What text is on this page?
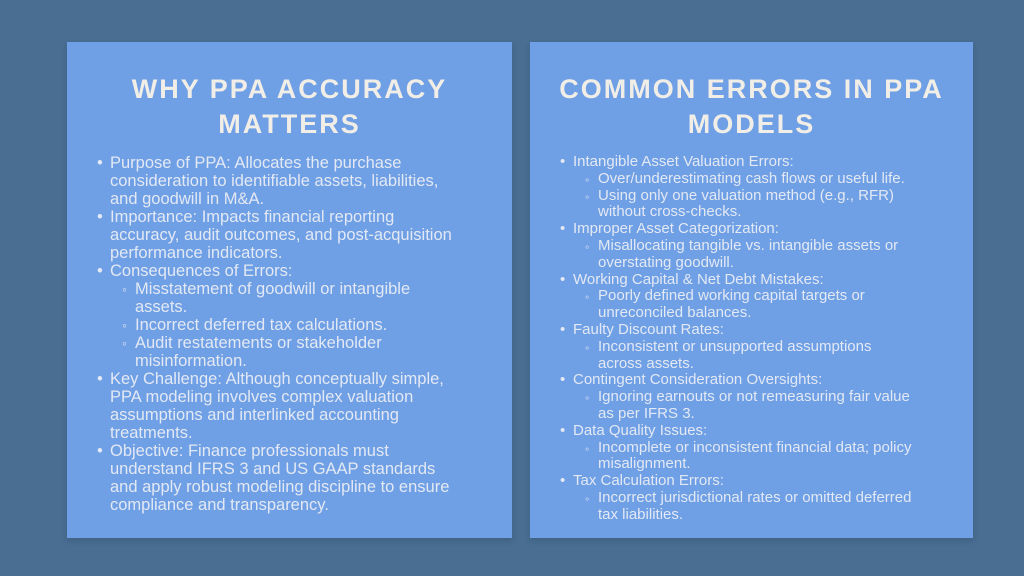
WHY PPA ACCURACY MATTERS
• Purpose of PPA: Allocates the purchase consideration to identifiable assets, liabilities, and goodwill in M&A.
• Importance: Impacts financial reporting accuracy, audit outcomes, and post-acquisition performance indicators.
• Consequences of Errors:
◦ Misstatement of goodwill or intangible assets.
◦ Incorrect deferred tax calculations.
◦ Audit restatements or stakeholder misinformation.
• Key Challenge: Although conceptually simple, PPA modeling involves complex valuation assumptions and interlinked accounting treatments.
• Objective: Finance professionals must understand IFRS 3 and US GAAP standards and apply robust modeling discipline to ensure compliance and transparency.
COMMON ERRORS IN PPA MODELS
• Intangible Asset Valuation Errors:
◦ Over/underestimating cash flows or useful life.
◦ Using only one valuation method (e.g., RFR) without cross-checks.
• Improper Asset Categorization:
◦ Misallocating tangible vs. intangible assets or overstating goodwill.
• Working Capital & Net Debt Mistakes:
◦ Poorly defined working capital targets or unreconciled balances.
• Faulty Discount Rates:
◦ Inconsistent or unsupported assumptions across assets.
• Contingent Consideration Oversights:
◦ Ignoring earnouts or not remeasuring fair value as per IFRS 3.
• Data Quality Issues:
◦ Incomplete or inconsistent financial data; policy misalignment.
• Tax Calculation Errors:
◦ Incorrect jurisdictional rates or omitted deferred tax liabilities.
